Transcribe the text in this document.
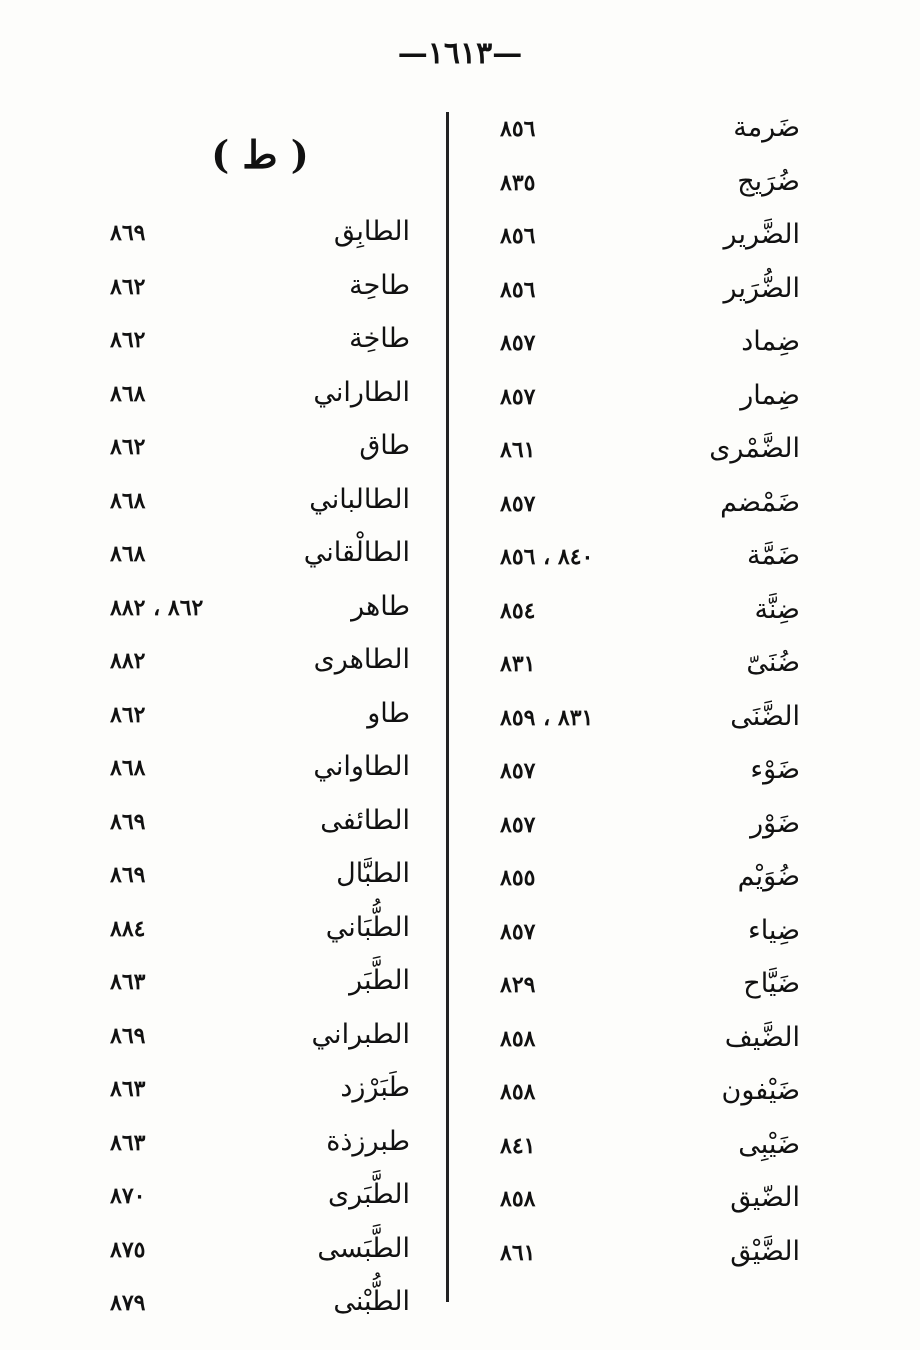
—١٦١٣—
( ط )
ضَرمة
٨٥٦
ضُرَيج
٨٣٥
الضَّرير
٨٥٦
الضُّرَير
٨٥٦
ضِماد
٨٥٧
ضِمار
٨٥٧
الضَّمْرى
٨٦١
ضَمْضم
٨٥٧
ضَمَّة
٨٤٠ ، ٨٥٦
ضِنَّة
٨٥٤
ضُنَىّ
٨٣١
الضَّنَى
٨٣١ ، ٨٥٩
ضَوْء
٨٥٧
ضَوْر
٨٥٧
ضُوَيْم
٨٥٥
ضِياء
٨٥٧
ضَيَّاح
٨٢٩
الضَّيف
٨٥٨
ضَيْفون
٨٥٨
ضَيْبِى
٨٤١
الضّيق
٨٥٨
الضَّيْق
٨٦١
الطابِق
٨٦٩
طاحِة
٨٦٢
طاخِة
٨٦٢
الطاراني
٨٦٨
طاق
٨٦٢
الطالباني
٨٦٨
الطالْقاني
٨٦٨
طاهر
٨٦٢ ، ٨٨٢
الطاهرى
٨٨٢
طاو
٨٦٢
الطاواني
٨٦٨
الطائفى
٨٦٩
الطبَّال
٨٦٩
الطُّبَاني
٨٨٤
الطَّبَر
٨٦٣
الطبراني
٨٦٩
طَبَرْزد
٨٦٣
طبرزذة
٨٦٣
الطَّبَرى
٨٧٠
الطَّبَسى
٨٧٥
الطُّبْنى
٨٧٩
